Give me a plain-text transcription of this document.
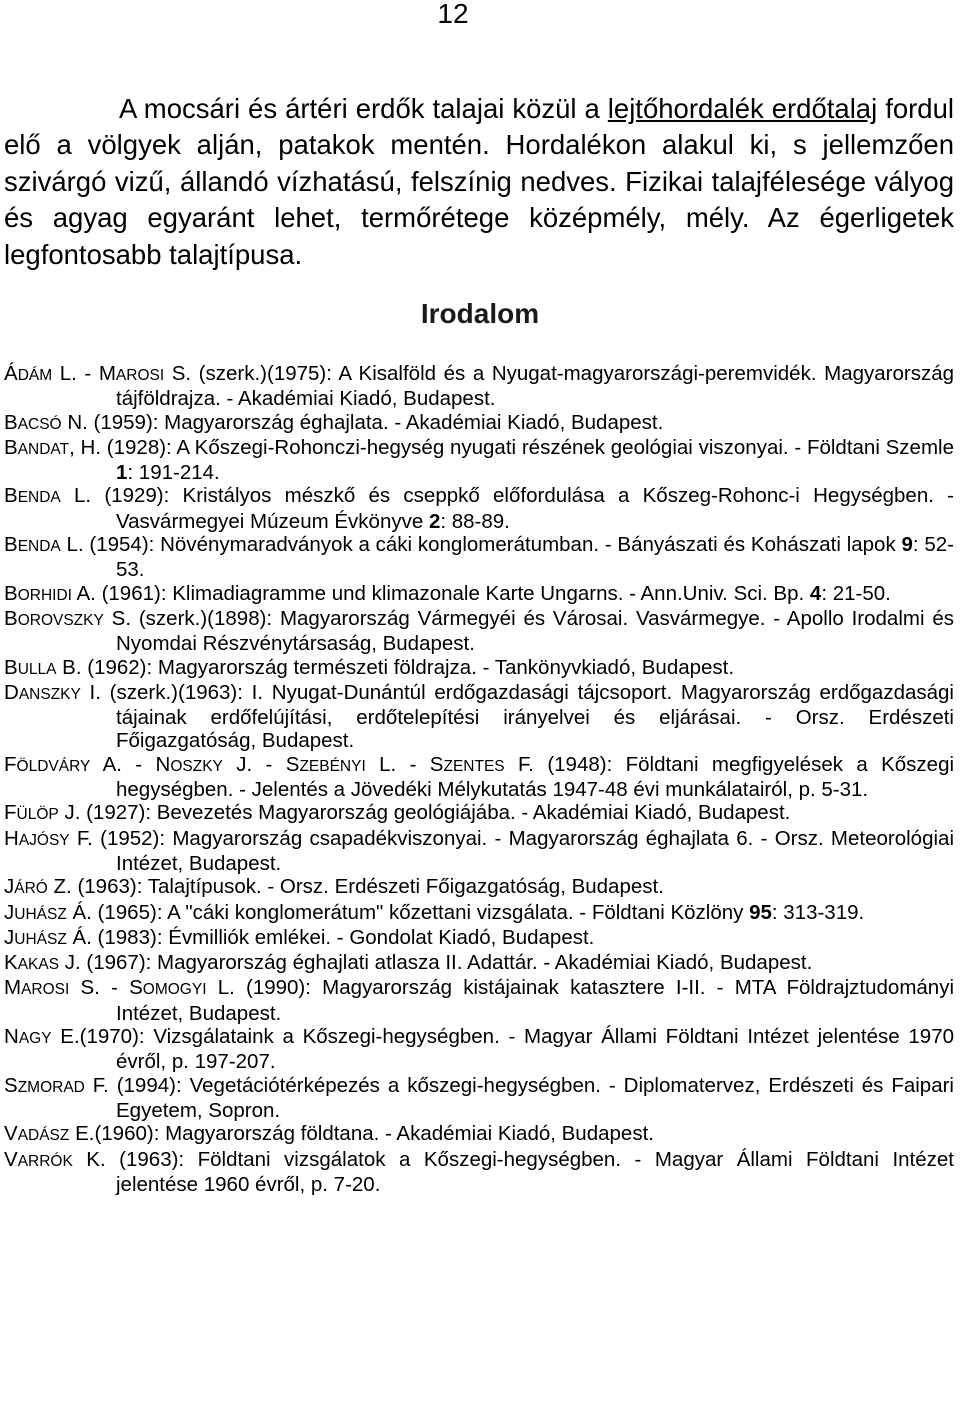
12
A mocsári és ártéri erdők talajai közül a lejtőhordalék erdőtalaj fordul elő a völgyek alján, patakok mentén. Hordalékon alakul ki, s jellemzően szivárgó vizű, állandó vízhatású, felszínig nedves. Fizikai talajfélesége vályog és agyag egyaránt lehet, termőrétege középmély, mély. Az égerligetek legfontosabb talajtípusa.
Irodalom
ÁDÁM L. - MAROSI S. (szerk.)(1975): A Kisalföld és a Nyugat-magyarországi-peremvidék. Magyarország tájföldrajza. - Akadémiai Kiadó, Budapest.
BACSÓ N. (1959): Magyarország éghajlata. - Akadémiai Kiadó, Budapest.
BANDAT, H. (1928): A Kőszegi-Rohonczi-hegység nyugati részének geológiai viszonyai. - Földtani Szemle 1: 191-214.
BENDA L. (1929): Kristályos mészkő és cseppkő előfordulása a Kőszeg-Rohonc-i Hegységben. - Vasvármegyei Múzeum Évkönyve 2: 88-89.
BENDA L. (1954): Növénymaradványok a cáki konglomerátumban. - Bányászati és Kohászati lapok 9: 52-53.
BORHIDI A. (1961): Klimadiagramme und klimazonale Karte Ungarns. - Ann.Univ. Sci. Bp. 4: 21-50.
BOROVSZKY S. (szerk.)(1898): Magyarország Vármegyéi és Városai. Vasvármegye. - Apollo Irodalmi és Nyomdai Részvénytársaság, Budapest.
BULLA B. (1962): Magyarország természeti földrajza. - Tankönyvkiadó, Budapest.
DANSZKY I. (szerk.)(1963): I. Nyugat-Dunántúl erdőgazdasági tájcsoport. Magyarország erdőgazdasági tájainak erdőfelújítási, erdőtelepítési irányelvei és eljárásai. - Orsz. Erdészeti Főigazgatóság, Budapest.
FÖLDVÁRY A. - NOSZKY J. - SZEBÉNYI L. - SZENTES F. (1948): Földtani megfigyelések a Kőszegi hegységben. - Jelentés a Jövedéki Mélykutatás 1947-48 évi munkálatairól, p. 5-31.
FÜLÖP J. (1927): Bevezetés Magyarország geológiájába. - Akadémiai Kiadó, Budapest.
HAJÓSY F. (1952): Magyarország csapadékviszonyai. - Magyarország éghajlata 6. - Orsz. Meteorológiai Intézet, Budapest.
JÁRÓ Z. (1963): Talajtípusok. - Orsz. Erdészeti Főigazgatóság, Budapest.
JUHÁSZ Á. (1965): A "cáki konglomerátum" kőzettani vizsgálata. - Földtani Közlöny 95: 313-319.
JUHÁSZ Á. (1983): Évmilliók emlékei. - Gondolat Kiadó, Budapest.
KAKAS J. (1967): Magyarország éghajlati atlasza II. Adattár. - Akadémiai Kiadó, Budapest.
MAROSI S. - SOMOGYI L. (1990): Magyarország kistájainak katasztere I-II. - MTA Földrajztudományi Intézet, Budapest.
NAGY E.(1970): Vizsgálataink a Kőszegi-hegységben. - Magyar Állami Földtani Intézet jelentése 1970 évről, p. 197-207.
SZMORAD F. (1994): Vegetációtérképezés a kőszegi-hegységben. - Diplomatervez, Erdészeti és Faipari Egyetem, Sopron.
VADÁSZ E.(1960): Magyarország földtana. - Akadémiai Kiadó, Budapest.
VARRÓK K. (1963): Földtani vizsgálatok a Kőszegi-hegységben. - Magyar Állami Földtani Intézet jelentése 1960 évről, p. 7-20.
